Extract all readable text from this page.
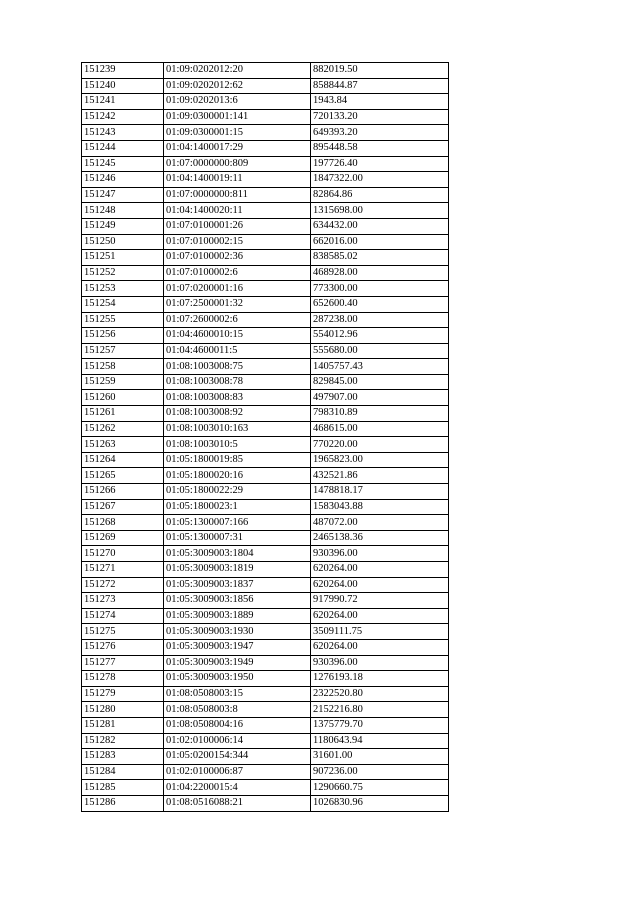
151239	01:09:0202012:20	882019.50
151240	01:09:0202012:62	858844.87
151241	01:09:0202013:6	1943.84
151242	01:09:0300001:141	720133.20
151243	01:09:0300001:15	649393.20
151244	01:04:1400017:29	895448.58
151245	01:07:0000000:809	197726.40
151246	01:04:1400019:11	1847322.00
151247	01:07:0000000:811	82864.86
151248	01:04:1400020:11	1315698.00
151249	01:07:0100001:26	634432.00
151250	01:07:0100002:15	662016.00
151251	01:07:0100002:36	838585.02
151252	01:07:0100002:6	468928.00
151253	01:07:0200001:16	773300.00
151254	01:07:2500001:32	652600.40
151255	01:07:2600002:6	287238.00
151256	01:04:4600010:15	554012.96
151257	01:04:4600011:5	555680.00
151258	01:08:1003008:75	1405757.43
151259	01:08:1003008:78	829845.00
151260	01:08:1003008:83	497907.00
151261	01:08:1003008:92	798310.89
151262	01:08:1003010:163	468615.00
151263	01:08:1003010:5	770220.00
151264	01:05:1800019:85	1965823.00
151265	01:05:1800020:16	432521.86
151266	01:05:1800022:29	1478818.17
151267	01:05:1800023:1	1583043.88
151268	01:05:1300007:166	487072.00
151269	01:05:1300007:31	2465138.36
151270	01:05:3009003:1804	930396.00
151271	01:05:3009003:1819	620264.00
151272	01:05:3009003:1837	620264.00
151273	01:05:3009003:1856	917990.72
151274	01:05:3009003:1889	620264.00
151275	01:05:3009003:1930	3509111.75
151276	01:05:3009003:1947	620264.00
151277	01:05:3009003:1949	930396.00
151278	01:05:3009003:1950	1276193.18
151279	01:08:0508003:15	2322520.80
151280	01:08:0508003:8	2152216.80
151281	01:08:0508004:16	1375779.70
151282	01:02:0100006:14	1180643.94
151283	01:05:0200154:344	31601.00
151284	01:02:0100006:87	907236.00
151285	01:04:2200015:4	1290660.75
151286	01:08:0516088:21	1026830.96
